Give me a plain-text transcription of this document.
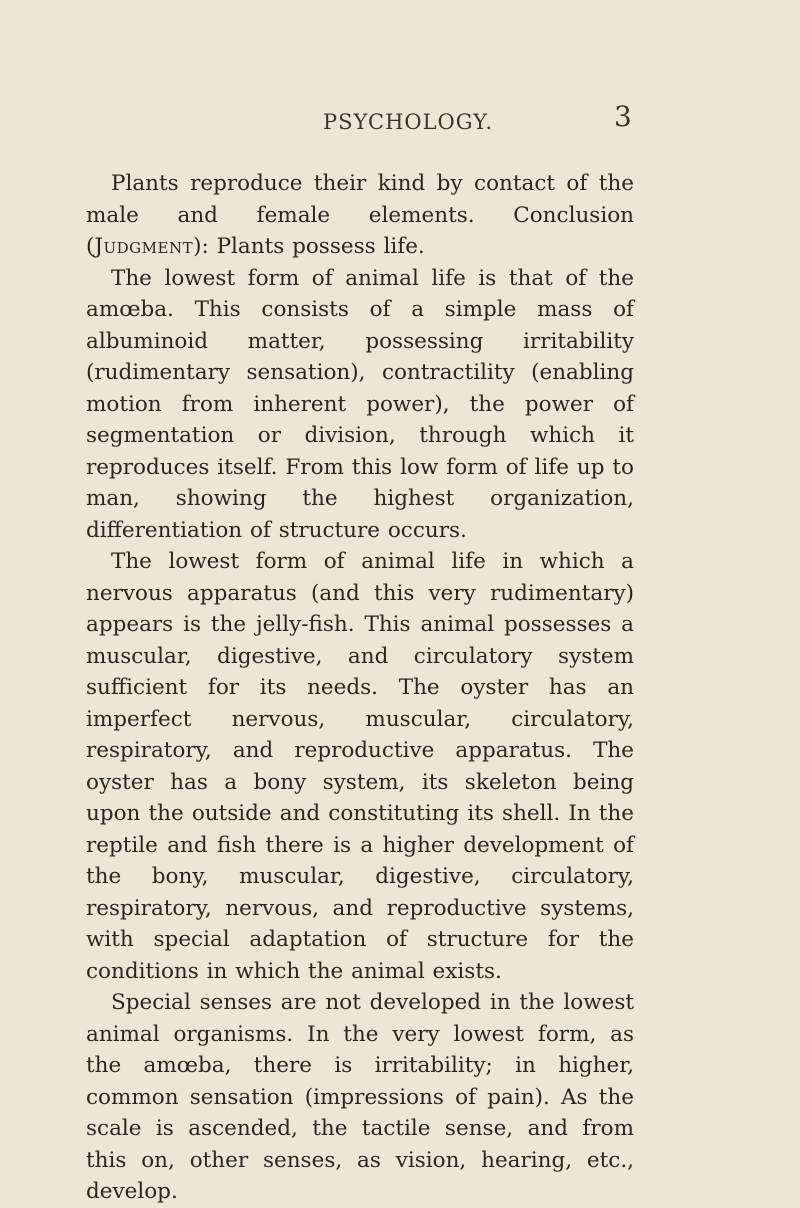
PSYCHOLOGY.	3

Plants reproduce their kind by contact of the male and female elements. Conclusion (Judgment): Plants possess life.

The lowest form of animal life is that of the amœba. This consists of a simple mass of albuminoid matter, possessing irritability (rudimentary sensation), contractility (enabling motion from inherent power), the power of segmentation or division, through which it reproduces itself. From this low form of life up to man, showing the highest organization, differentiation of structure occurs.

The lowest form of animal life in which a nervous apparatus (and this very rudimentary) appears is the jelly-fish. This animal possesses a muscular, digestive, and circulatory system sufficient for its needs. The oyster has an imperfect nervous, muscular, circulatory, respiratory, and reproductive apparatus. The oyster has a bony system, its skeleton being upon the outside and constituting its shell. In the reptile and fish there is a higher development of the bony, muscular, digestive, circulatory, respiratory, nervous, and reproductive systems, with special adaptation of structure for the conditions in which the animal exists.

Special senses are not developed in the lowest animal organisms. In the very lowest form, as the amœba, there is irritability; in higher, common sensation (impressions of pain). As the scale is ascended, the tactile sense, and from this on, other senses, as vision, hearing, etc., develop.
